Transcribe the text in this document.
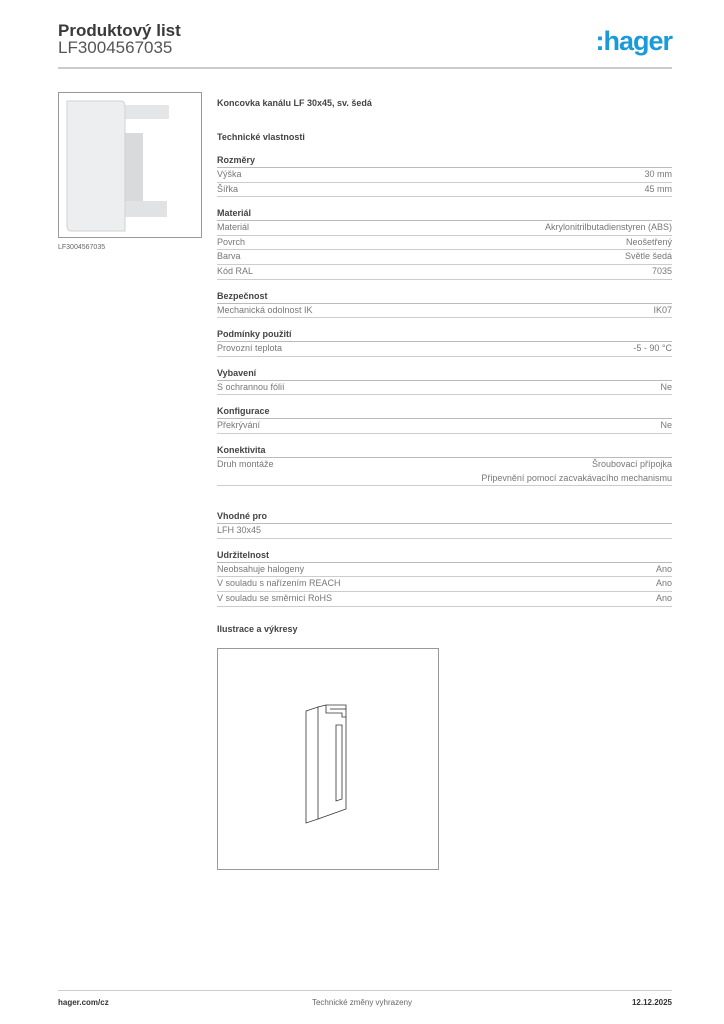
Produktový list
LF3004567035	:hager
LF3004567035
Koncovka kanálu LF 30x45, sv. šedá
Technické vlastnosti
Rozměry
Výška	30 mm
Šířka	45 mm
Materiál
Materiál	Akrylonitrilbutadienstyren (ABS)
Povrch	Neošetřený
Barva	Světle šedá
Kód RAL	7035
Bezpečnost
Mechanická odolnost IK	IK07
Podmínky použití
Provozní teplota	-5 - 90 °C
Vybavení
S ochrannou fólií	Ne
Konfigurace
Překrývání	Ne
Konektivita
Druh montáže	Šroubovací přípojka
Připevnění pomocí zacvakávacího mechanismu
Vhodné pro
LFH 30x45
Udržitelnost
Neobsahuje halogeny	Ano
V souladu s nařízením REACH	Ano
V souladu se směrnicí RoHS	Ano
Ilustrace a výkresy
hager.com/cz	Technické změny vyhrazeny	12.12.2025
